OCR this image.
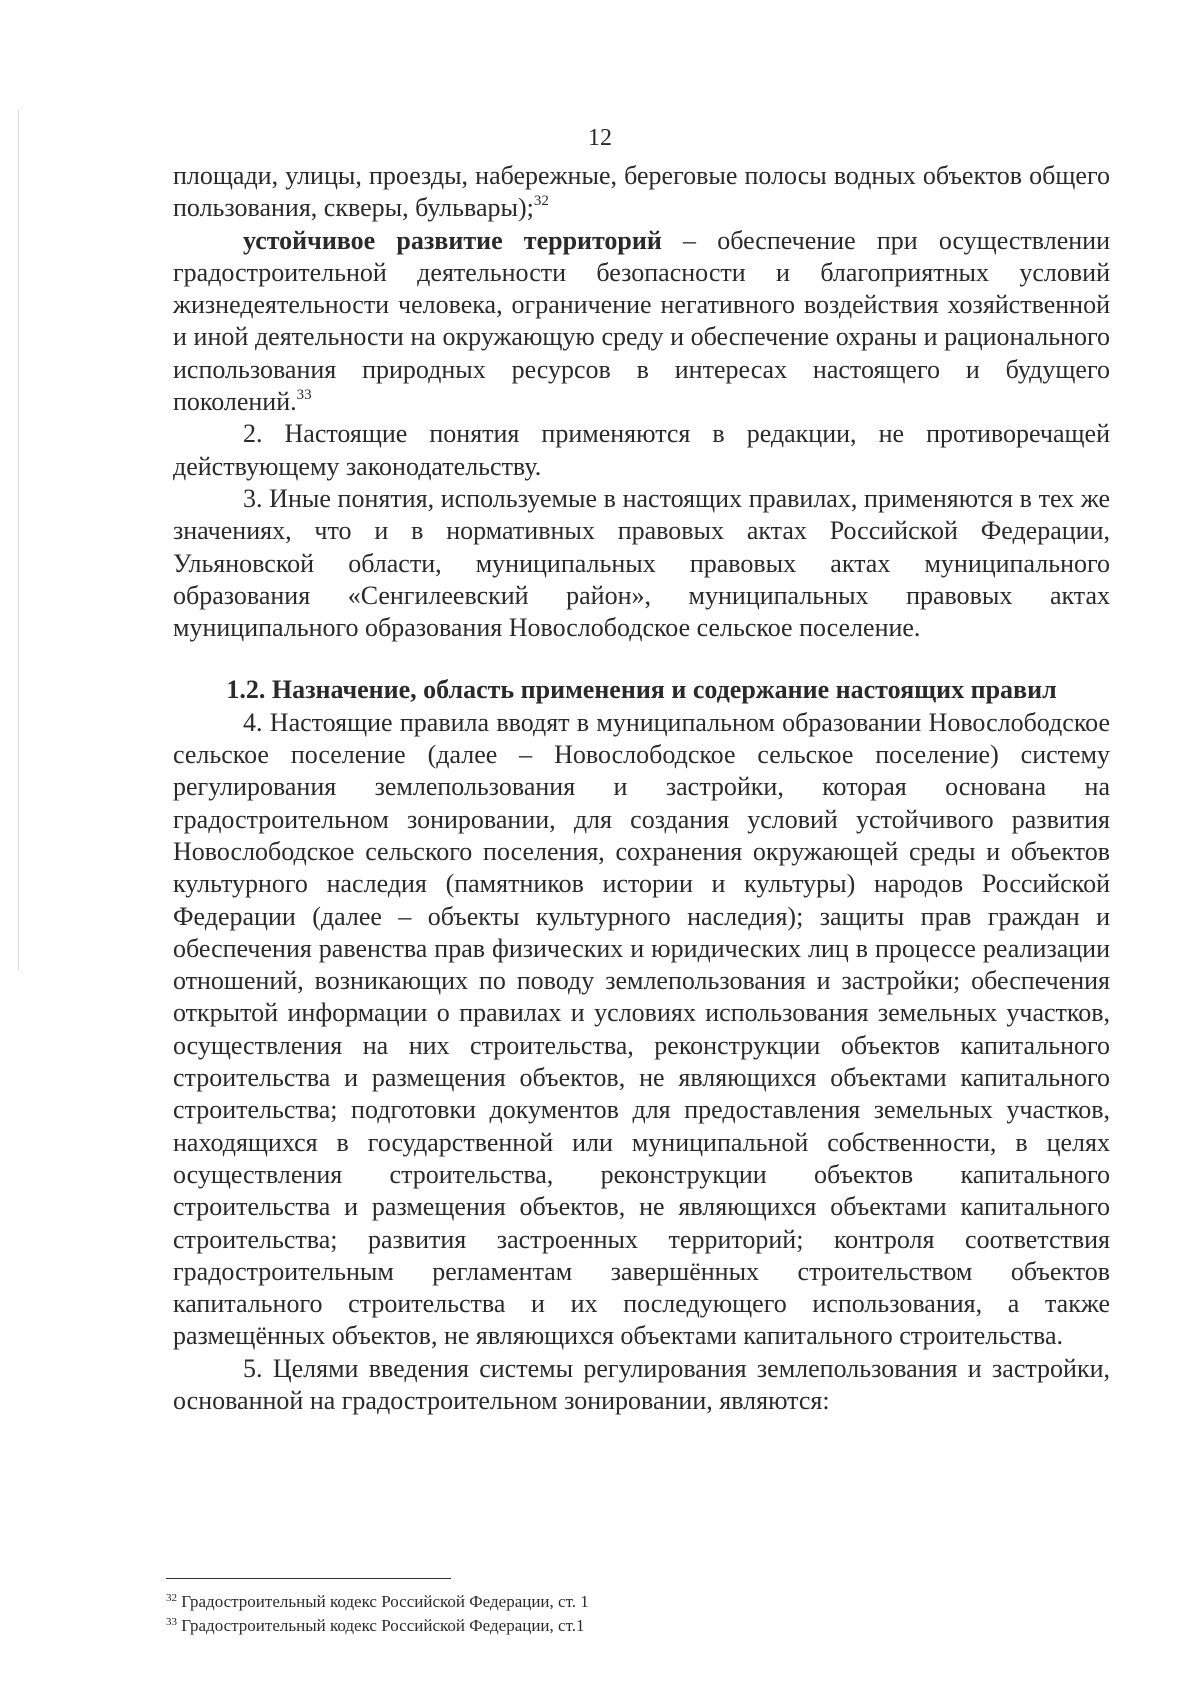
12

площади, улицы, проезды, набережные, береговые полосы водных объектов общего пользования, скверы, бульвары);$^{32}$

устойчивое развитие территорий – обеспечение при осуществлении градостроительной деятельности безопасности и благоприятных условий жизнедеятельности человека, ограничение негативного воздействия хозяйственной и иной деятельности на окружающую среду и обеспечение охраны и рационального использования природных ресурсов в интересах настоящего и будущего поколений.$^{33}$

2. Настоящие понятия применяются в редакции, не противоречащей действующему законодательству.

3. Иные понятия, используемые в настоящих правилах, применяются в тех же значениях, что и в нормативных правовых актах Российской Федерации, Ульяновской области, муниципальных правовых актах муниципального образования «Сенгилеевский район», муниципальных правовых актах муниципального образования Новослободское сельское поселение.

1.2. Назначение, область применения и содержание настоящих правил

4. Настоящие правила вводят в муниципальном образовании Новослободское сельское поселение (далее – Новослободское сельское поселение) систему регулирования землепользования и застройки, которая основана на градостроительном зонировании, для создания условий устойчивого развития Новослободское сельского поселения, сохранения окружающей среды и объектов культурного наследия (памятников истории и культуры) народов Российской Федерации (далее – объекты культурного наследия); защиты прав граждан и обеспечения равенства прав физических и юридических лиц в процессе реализации отношений, возникающих по поводу землепользования и застройки; обеспечения открытой информации о правилах и условиях использования земельных участков, осуществления на них строительства, реконструкции объектов капитального строительства и размещения объектов, не являющихся объектами капитального строительства; подготовки документов для предоставления земельных участков, находящихся в государственной или муниципальной собственности, в целях осуществления строительства, реконструкции объектов капитального строительства и размещения объектов, не являющихся объектами капитального строительства; развития застроенных территорий; контроля соответствия градостроительным регламентам завершённых строительством объектов капитального строительства и их последующего использования, а также размещённых объектов, не являющихся объектами капитального строительства.

5. Целями введения системы регулирования землепользования и застройки, основанной на градостроительном зонировании, являются:

$^{32}$ Градостроительный кодекс Российской Федерации, ст. 1
$^{33}$ Градостроительный кодекс Российской Федерации, ст.1
